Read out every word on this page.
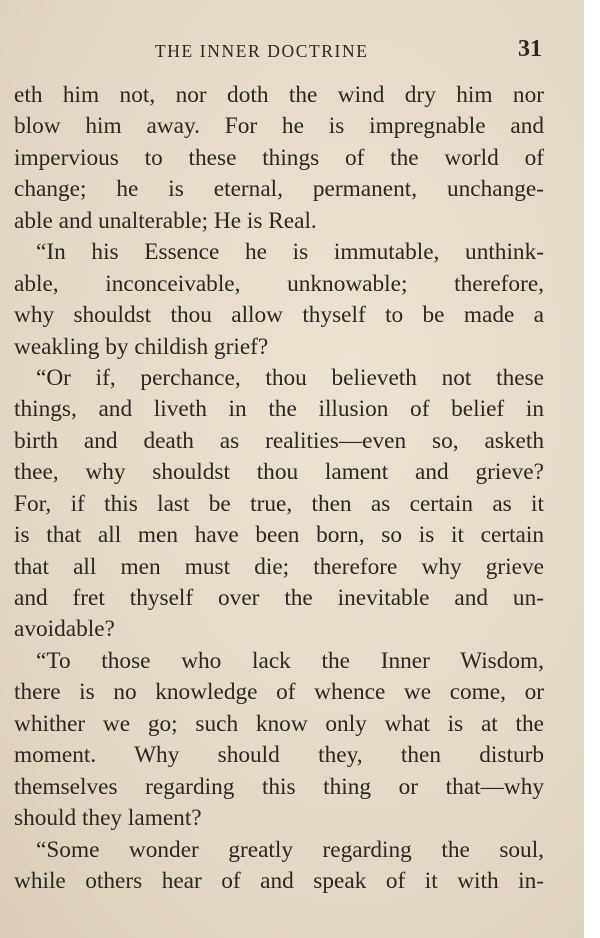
THE INNER DOCTRINE	31
eth him not, nor doth the wind dry him nor
blow him away. For he is impregnable and
impervious to these things of the world of
change; he is eternal, permanent, unchange-
able and unalterable; He is Real.
“In his Essence he is immutable, unthink-
able, inconceivable, unknowable; therefore,
why shouldst thou allow thyself to be made a
weakling by childish grief?
“Or if, perchance, thou believeth not these
things, and liveth in the illusion of belief in
birth and death as realities—even so, asketh
thee, why shouldst thou lament and grieve?
For, if this last be true, then as certain as it
is that all men have been born, so is it certain
that all men must die; therefore why grieve
and fret thyself over the inevitable and un-
avoidable?
“To those who lack the Inner Wisdom,
there is no knowledge of whence we come, or
whither we go; such know only what is at the
moment. Why should they, then disturb
themselves regarding this thing or that—why
should they lament?
“Some wonder greatly regarding the soul,
while others hear of and speak of it with in-
